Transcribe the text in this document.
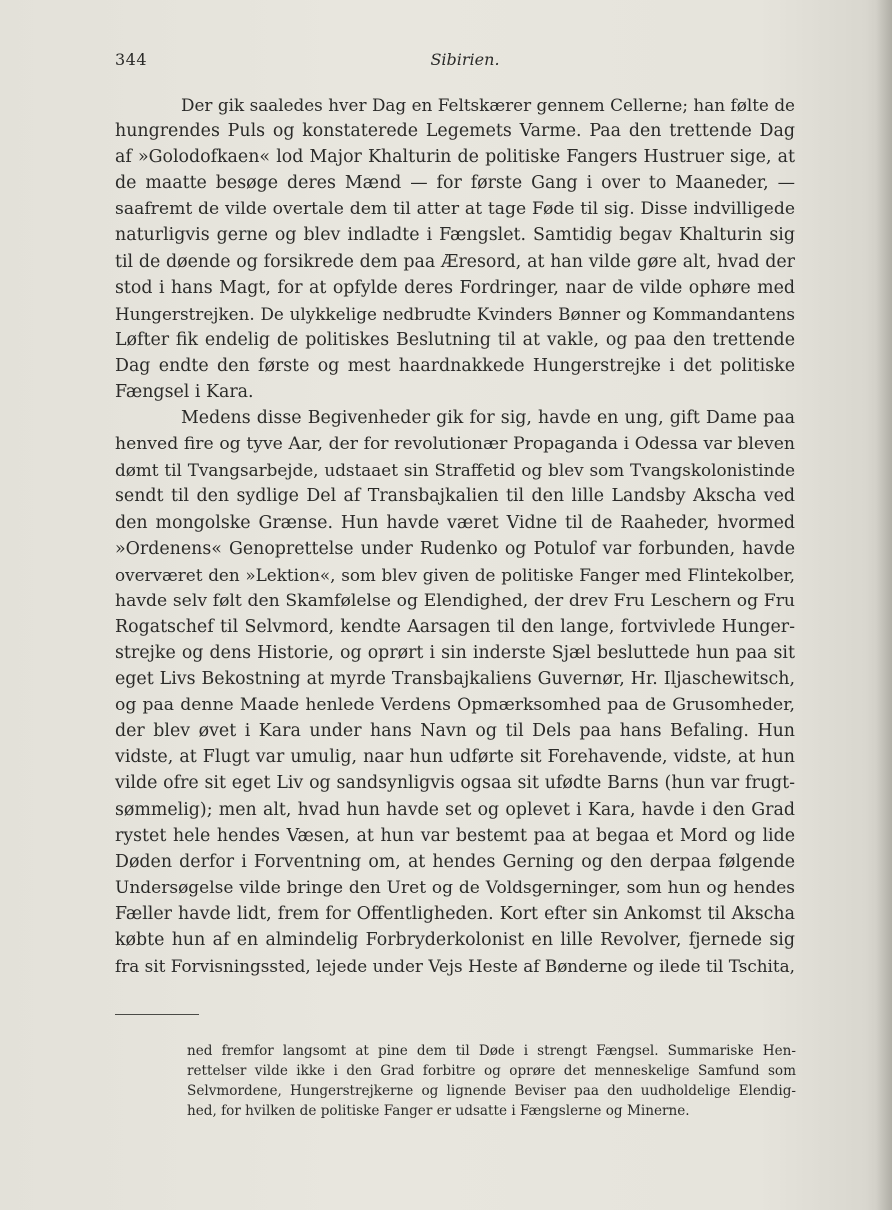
344	Sibirien.
Der gik saaledes hver Dag en Feltskærer gennem Cellerne; han følte de
hungrendes Puls og konstaterede Legemets Varme. Paa den trettende Dag
af »Golodofkaen« lod Major Khalturin de politiske Fangers Hustruer sige, at
de maatte besøge deres Mænd — for første Gang i over to Maaneder, —
saafremt de vilde overtale dem til atter at tage Føde til sig. Disse indvilligede
naturligvis gerne og blev indladte i Fængslet. Samtidig begav Khalturin sig
til de døende og forsikrede dem paa Æresord, at han vilde gøre alt, hvad der
stod i hans Magt, for at opfylde deres Fordringer, naar de vilde ophøre med
Hungerstrejken. De ulykkelige nedbrudte Kvinders Bønner og Kommandantens
Løfter fik endelig de politiskes Beslutning til at vakle, og paa den trettende
Dag endte den første og mest haardnakkede Hungerstrejke i det politiske
Fængsel i Kara.
Medens disse Begivenheder gik for sig, havde en ung, gift Dame paa
henved fire og tyve Aar, der for revolutionær Propaganda i Odessa var bleven
dømt til Tvangsarbejde, udstaaet sin Straffetid og blev som Tvangskolonistinde
sendt til den sydlige Del af Transbajkalien til den lille Landsby Akscha ved
den mongolske Grænse. Hun havde været Vidne til de Raaheder, hvormed
»Ordenens« Genoprettelse under Rudenko og Potulof var forbunden, havde
overværet den »Lektion«, som blev given de politiske Fanger med Flintekolber,
havde selv følt den Skamfølelse og Elendighed, der drev Fru Leschern og Fru
Rogatschef til Selvmord, kendte Aarsagen til den lange, fortvivlede Hunger-
strejke og dens Historie, og oprørt i sin inderste Sjæl besluttede hun paa sit
eget Livs Bekostning at myrde Transbajkaliens Guvernør, Hr. Iljaschewitsch,
og paa denne Maade henlede Verdens Opmærksomhed paa de Grusomheder,
der blev øvet i Kara under hans Navn og til Dels paa hans Befaling. Hun
vidste, at Flugt var umulig, naar hun udførte sit Forehavende, vidste, at hun
vilde ofre sit eget Liv og sandsynligvis ogsaa sit ufødte Barns (hun var frugt-
sømmelig); men alt, hvad hun havde set og oplevet i Kara, havde i den Grad
rystet hele hendes Væsen, at hun var bestemt paa at begaa et Mord og lide
Døden derfor i Forventning om, at hendes Gerning og den derpaa følgende
Undersøgelse vilde bringe den Uret og de Voldsgerninger, som hun og hendes
Fæller havde lidt, frem for Offentligheden. Kort efter sin Ankomst til Akscha
købte hun af en almindelig Forbryderkolonist en lille Revolver, fjernede sig
fra sit Forvisningssted, lejede under Vejs Heste af Bønderne og ilede til Tschita,
ned fremfor langsomt at pine dem til Døde i strengt Fængsel. Summariske Hen-
rettelser vilde ikke i den Grad forbitre og oprøre det menneskelige Samfund som
Selvmordene, Hungerstrejkerne og lignende Beviser paa den uudholdelige Elendig-
hed, for hvilken de politiske Fanger er udsatte i Fængslerne og Minerne.
